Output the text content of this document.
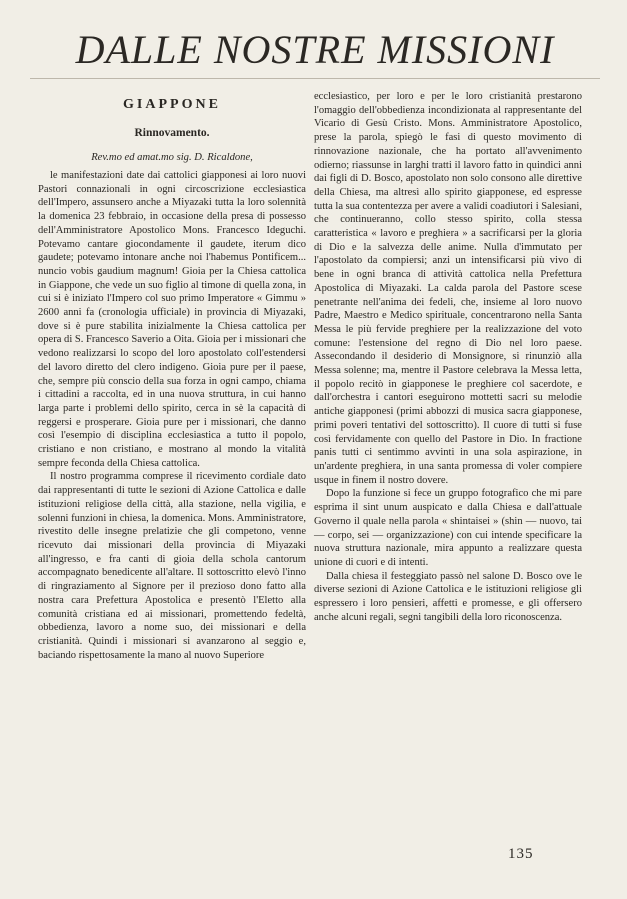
DALLE NOSTRE MISSIONI
GIAPPONE
Rinnovamento.
Rev.mo ed amat.mo sig. D. Ricaldone,

le manifestazioni date dai cattolici giapponesi ai loro nuovi Pastori connazionali in ogni circoscrizione ecclesiastica dell'Impero, assunsero anche a Miyazaki tutta la loro solennità la domenica 23 febbraio, in occasione della presa di possesso dell'Amministratore Apostolico Mons. Francesco Ideguchi. Potevamo cantare giocondamente il gaudete, iterum dico gaudete; potevamo intonare anche noi l'habemus Pontificem... nuncio vobis gaudium magnum! Gioia per la Chiesa cattolica in Giappone, che vede un suo figlio al timone di quella zona, in cui si è iniziato l'Impero col suo primo Imperatore « Gimmu » 2600 anni fa (cronologia ufficiale) in provincia di Miyazaki, dove si è pure stabilita inizialmente la Chiesa cattolica per opera di S. Francesco Saverio a Oita. Gioia per i missionari che vedono realizzarsi lo scopo del loro apostolato coll'estendersi del lavoro diretto del clero indigeno. Gioia pure per il paese, che, sempre più conscio della sua forza in ogni campo, chiama i cittadini a raccolta, ed in una nuova struttura, in cui hanno larga parte i problemi dello spirito, cerca in sè la capacità di reggersi e prosperare. Gioia pure per i missionari, che danno così l'esempio di disciplina ecclesiastica a tutto il popolo, cristiano e non cristiano, e mostrano al mondo la vitalità sempre feconda della Chiesa cattolica.

Il nostro programma comprese il ricevimento cordiale dato dai rappresentanti di tutte le sezioni di Azione Cattolica e dalle istituzioni religiose della città, alla stazione, nella vigilia, e solenni funzioni in chiesa, la domenica. Mons. Amministratore, rivestito delle insegne prelatizie che gli competono, venne ricevuto dai missionari della provincia di Miyazaki all'ingresso, e fra canti di gioia della schola cantorum accompagnato benedicente all'altare. Il sottoscritto elevò l'inno di ringraziamento al Signore per il prezioso dono fatto alla nostra cara Prefettura Apostolica e presentò l'Eletto alla comunità cristiana ed ai missionari, promettendo fedeltà, obbedienza, lavoro a nome suo, dei missionari e della cristianità. Quindi i missionari si avanzarono al seggio e, baciando rispettosamente la mano al nuovo Superiore

ecclesiastico, per loro e per le loro cristianità prestarono l'omaggio dell'obbedienza incondizionata al rappresentante del Vicario di Gesù Cristo. Mons. Amministratore Apostolico, prese la parola, spiegò le fasi di questo movimento di rinnovazione nazionale, che ha portato all'avvenimento odierno; riassunse in larghi tratti il lavoro fatto in quindici anni dai figli di D. Bosco, apostolato non solo consono alle direttive della Chiesa, ma altresì allo spirito giapponese, ed espresse tutta la sua contentezza per avere a validi coadiutori i Salesiani, che continueranno, collo stesso spirito, colla stessa caratteristica « lavoro e preghiera » a sacrificarsi per la gloria di Dio e la salvezza delle anime. Nulla d'immutato per l'apostolato da compiersi; anzi un intensificarsi più vivo di bene in ogni branca di attività cattolica nella Prefettura Apostolica di Miyazaki. La calda parola del Pastore scese penetrante nell'anima dei fedeli, che, insieme al loro nuovo Padre, Maestro e Medico spirituale, concentrarono nella Santa Messa le più fervide preghiere per la realizzazione del voto comune: l'estensione del regno di Dio nel loro paese. Assecondando il desiderio di Monsignore, si rinunziò alla Messa solenne; ma, mentre il Pastore celebrava la Messa letta, il popolo recitò in giapponese le preghiere col sacerdote, e dall'orchestra i cantori eseguirono mottetti sacri su melodie antiche giapponesi (primi abbozzi di musica sacra giapponese, primi poveri tentativi del sottoscritto). Il cuore di tutti si fuse così fervidamente con quello del Pastore in Dio. In fractione panis tutti ci sentimmo avvinti in una sola aspirazione, in un'ardente preghiera, in una santa promessa di voler compiere usque in finem il nostro dovere.

Dopo la funzione si fece un gruppo fotografico che mi pare esprima il sint unum auspicato e dalla Chiesa e dall'attuale Governo il quale nella parola « shintaisei » (shin — nuovo, tai — corpo, sei — organizzazione) con cui intende specificare la nuova struttura nazionale, mira appunto a realizzare questa unione di cuori e di intenti.

Dalla chiesa il festeggiato passò nel salone D. Bosco ove le diverse sezioni di Azione Cattolica e le istituzioni religiose gli espressero i loro pensieri, affetti e promesse, e gli offersero anche alcuni regali, segni tangibili della loro riconoscenza.

135
